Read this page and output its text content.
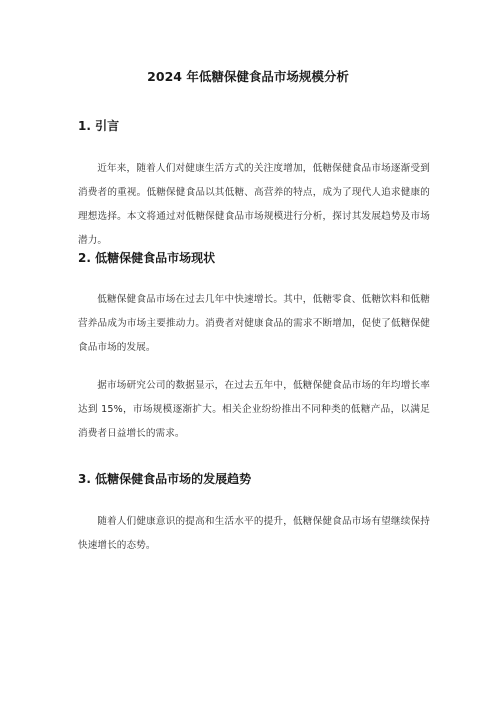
2024 年低糖保健食品市场规模分析
1. 引言

近年来，随着人们对健康生活方式的关注度增加，低糖保健食品市场逐渐受到消费者的重视。低糖保健食品以其低糖、高营养的特点，成为了现代人追求健康的理想选择。本文将通过对低糖保健食品市场规模进行分析，探讨其发展趋势及市场潜力。

2. 低糖保健食品市场现状

低糖保健食品市场在过去几年中快速增长。其中，低糖零食、低糖饮料和低糖营养品成为市场主要推动力。消费者对健康食品的需求不断增加，促使了低糖保健食品市场的发展。

据市场研究公司的数据显示，在过去五年中，低糖保健食品市场的年均增长率达到 15%，市场规模逐渐扩大。相关企业纷纷推出不同种类的低糖产品，以满足消费者日益增长的需求。

3. 低糖保健食品市场的发展趋势

随着人们健康意识的提高和生活水平的提升，低糖保健食品市场有望继续保持快速增长的态势。
